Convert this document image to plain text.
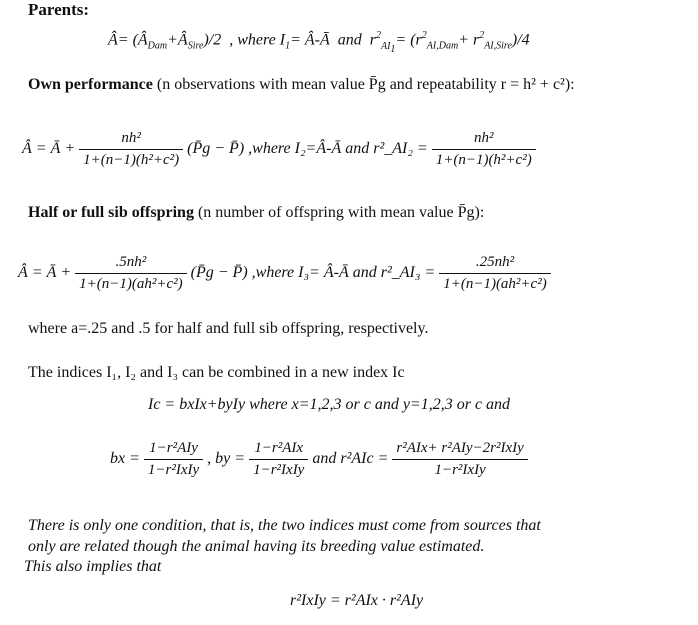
Parents:
Â= $(Â_{Dam}+Â_{Sire})/2$  , where $I_1=$ Â-Ā  and  $r^2_{AI_1}= (r^2_{AI,Dam}+ r^2_{AI,Sire})/4$
Own performance (n observations with mean value P̄g and repeatability r = h² + c²):
Â = Ā + $\frac{\text{nh²}}{\text{1+(n−1)(h²+c²)}}$ (P̄g − P̄) ,where I₂=Â-Ā and r²_AI₂ = $\frac{\text{nh²}}{\text{1+(n−1)(h²+c²)}}$
Half or full sib offspring (n number of offspring with mean value P̄g):
Â = Ā + $\frac{\text{.5nh²}}{\text{1+(n−1)(ah²+c²)}}$ (P̄g − P̄) ,where I₃= Â-Ā and r²_AI₃ = $\frac{\text{.25nh²}}{\text{1+(n−1)(ah²+c²)}}$
where a=.25 and .5 for half and full sib offspring, respectively.
The indices I₁, I₂ and I₃ can be combined in a new index Ic
Ic = bxIx+byIy where x=1,2,3 or c and y=1,2,3 or c and
bx = $\frac{\text{1−r²AIy}}{\text{1−r²IxIy}}$ , by = $\frac{\text{1−r²AIx}}{\text{1−r²IxIy}}$ and $r^2AIc = \frac{\text{r²AIx+ r²AIy−2r²IxIy}}{\text{1−r²IxIy}}$
There is only one condition, that is, the two indices must come from sources that
only are related though the animal having its breeding value estimated.
This also implies that
r²IxIy = r²AIx · r²AIy
